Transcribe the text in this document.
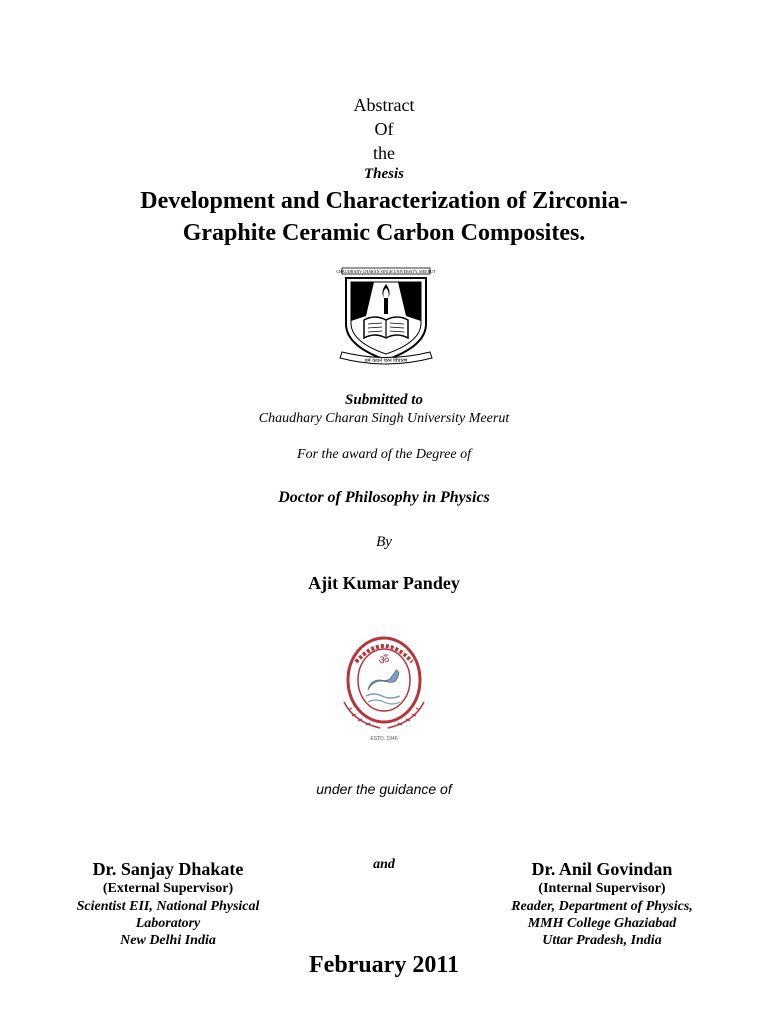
Abstract
Of
the
Thesis
Development and Characterization of Zirconia-
Graphite Ceramic Carbon Composites.
CHAUDHARY CHARAN SINGH UNIVERSITY, MEERUT
धर्म कथनं चरन विचारणं
Submitted to
Chaudhary Charan Singh University Meerut
For the award of the Degree of
Doctor of Philosophy in Physics
By
Ajit Kumar Pandey
ॐ
ESTD. 1946
under the guidance of
and
Dr. Sanjay Dhakate
(External Supervisor)
Scientist EII, National Physical
Laboratory
New Delhi India
Dr. Anil Govindan
(Internal Supervisor)
Reader, Department of Physics,
MMH College Ghaziabad
Uttar Pradesh, India
February 2011
